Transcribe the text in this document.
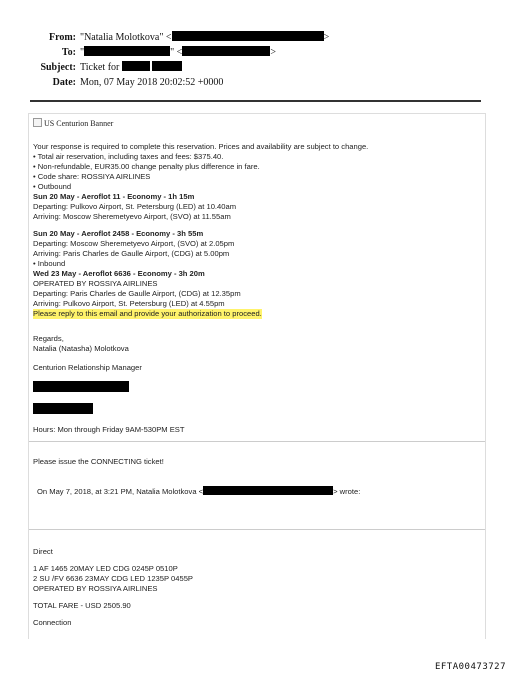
From: "Natalia Molotkova" <	>
To: "	" <	>
Subject: Ticket for
Date: Mon, 07 May 2018 20:02:52 +0000
US Centurion Banner
Your response is required to complete this reservation. Prices and availability are subject to change.
• Total air reservation, including taxes and fees: $375.40.
• Non-refundable, EUR35.00 change penalty plus difference in fare.
• Code share: ROSSIYA AIRLINES
• Outbound
Sun 20 May - Aeroflot 11 - Economy - 1h 15m
Departing: Pulkovo Airport, St. Petersburg (LED) at 10.40am
Arriving: Moscow Sheremetyevo Airport, (SVO) at 11.55am
Sun 20 May - Aeroflot 2458 - Economy - 3h 55m
Departing: Moscow Sheremetyevo Airport, (SVO) at 2.05pm
Arriving: Paris Charles de Gaulle Airport, (CDG) at 5.00pm
• Inbound
Wed 23 May - Aeroflot 6636 - Economy - 3h 20m
OPERATED BY ROSSIYA AIRLINES
Departing: Paris Charles de Gaulle Airport, (CDG) at 12.35pm
Arriving: Pulkovo Airport, St. Petersburg (LED) at 4.55pm
Please reply to this email and provide your authorization to proceed.
Regards,
Natalia (Natasha) Molotkova
Centurion Relationship Manager
Hours: Mon through Friday 9AM-530PM EST
Please issue the CONNECTING ticket!
On May 7, 2018, at 3:21 PM, Natalia Molotkova <	> wrote:
Direct
1 AF 1465 20MAY LED CDG 0245P 0510P
2 SU /FV 6636 23MAY CDG LED 1235P 0455P
OPERATED BY ROSSIYA AIRLINES
TOTAL FARE - USD 2505.90
Connection
EFTA00473727
